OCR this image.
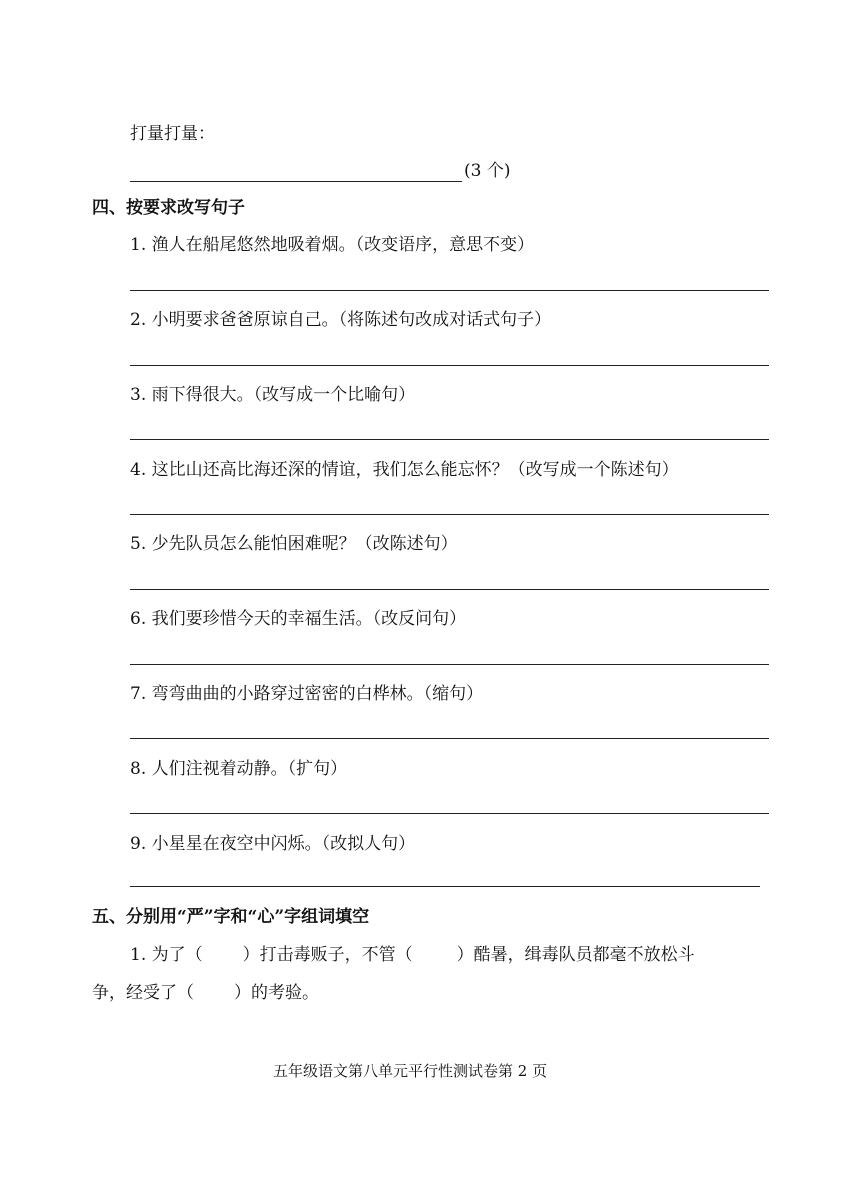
打量打量：
(3 个)
四、按要求改写句子
1. 渔人在船尾悠然地吸着烟。（改变语序，意思不变）
2. 小明要求爸爸原谅自己。（将陈述句改成对话式句子）
3. 雨下得很大。（改写成一个比喻句）
4. 这比山还高比海还深的情谊，我们怎么能忘怀？（改写成一个陈述句）
5. 少先队员怎么能怕困难呢？（改陈述句）
6. 我们要珍惜今天的幸福生活。（改反问句）
7. 弯弯曲曲的小路穿过密密的白桦林。（缩句）
8. 人们注视着动静。（扩句）
9. 小星星在夜空中闪烁。（改拟人句）
五、分别用“严”字和“心”字组词填空
1. 为了（ ）打击毒贩子，不管（	）酷暑，缉毒队员都毫不放松斗
争，经受了（ ）的考验。
五年级语文第八单元平行性测试卷第 2 页
